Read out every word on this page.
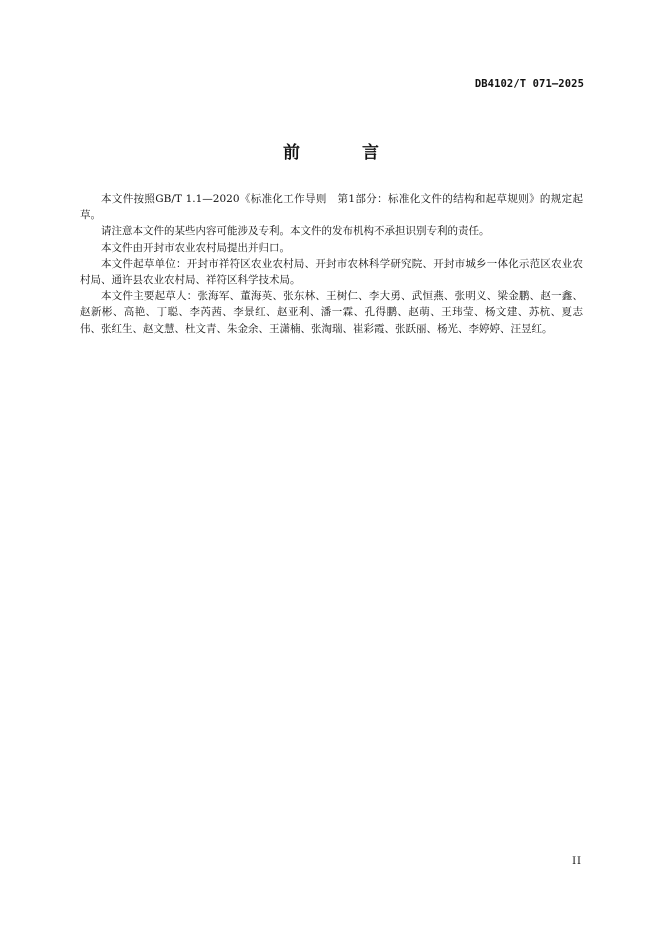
DB4102/T 071—2025
前 言

本文件按照GB/T 1.1—2020《标准化工作导则　第1部分：标准化文件的结构和起草规则》的规定起草。

请注意本文件的某些内容可能涉及专利。本文件的发布机构不承担识别专利的责任。

本文件由开封市农业农村局提出并归口。

本文件起草单位：开封市祥符区农业农村局、开封市农林科学研究院、开封市城乡一体化示范区农业农村局、通许县农业农村局、祥符区科学技术局。

本文件主要起草人：张海军、董海英、张东林、王树仁、李大勇、武恒燕、张明义、梁金鹏、赵一鑫、赵新彬、高艳、丁聪、李芮茜、李景红、赵亚利、潘一霖、孔得鹏、赵萌、王玮莹、杨文建、苏杭、夏志伟、张红生、赵文慧、杜文青、朱金余、王潇楠、张淘瑞、崔彩霞、张跃丽、杨光、李婷婷、汪昱红。

II
